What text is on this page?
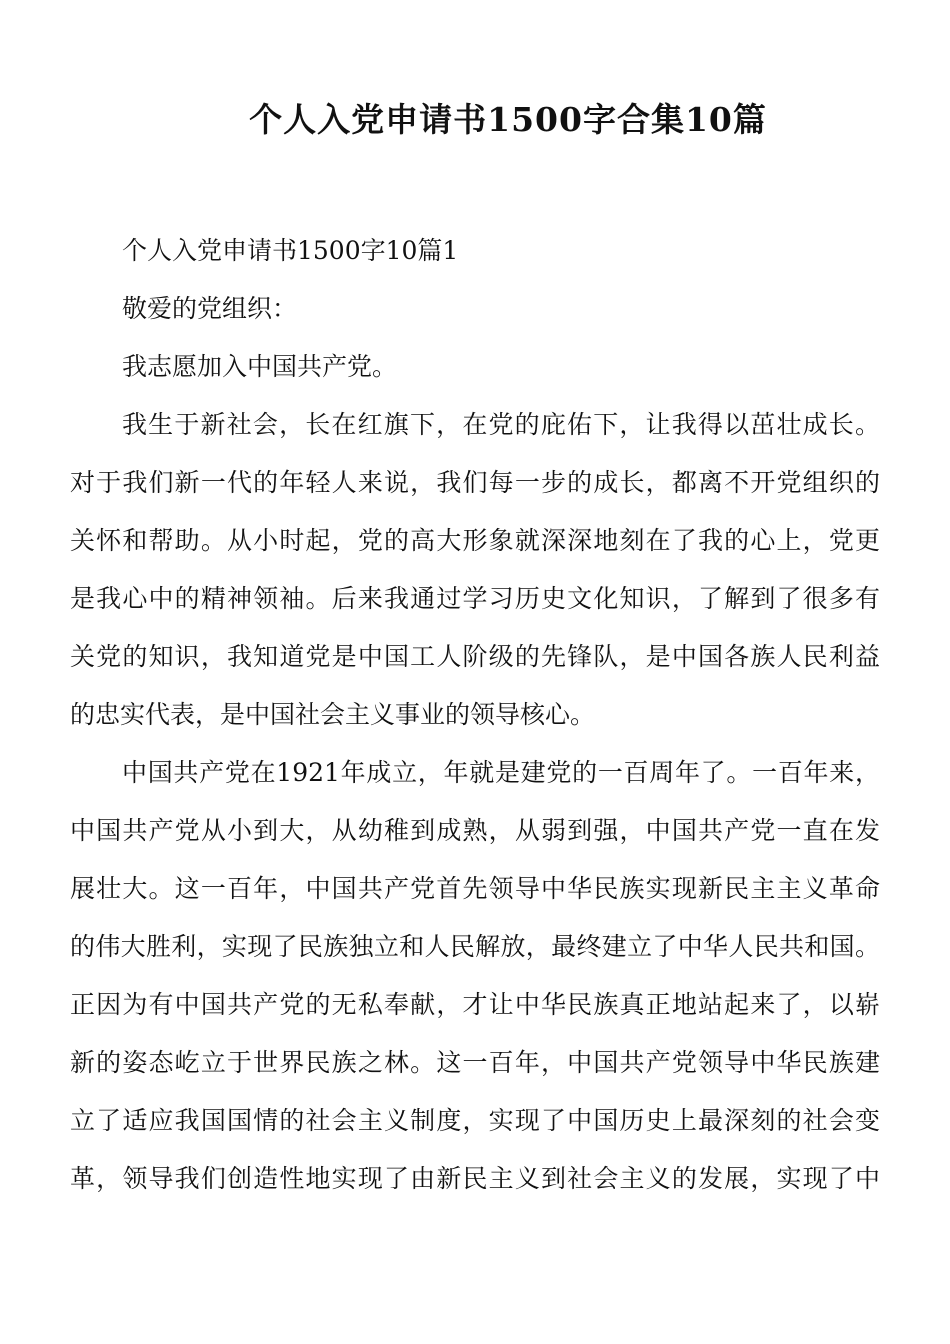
个人入党申请书1500字合集10篇
个人入党申请书1500字10篇1
敬爱的党组织：
我志愿加入中国共产党。
我生于新社会，长在红旗下，在党的庇佑下，让我得以茁壮成长。
对于我们新一代的年轻人来说，我们每一步的成长，都离不开党组织的
关怀和帮助。从小时起，党的高大形象就深深地刻在了我的心上，党更
是我心中的精神领袖。后来我通过学习历史文化知识，了解到了很多有
关党的知识，我知道党是中国工人阶级的先锋队，是中国各族人民利益
的忠实代表，是中国社会主义事业的领导核心。
中国共产党在1921年成立，年就是建党的一百周年了。一百年来，
中国共产党从小到大，从幼稚到成熟，从弱到强，中国共产党一直在发
展壮大。这一百年，中国共产党首先领导中华民族实现新民主主义革命
的伟大胜利，实现了民族独立和人民解放，最终建立了中华人民共和国。
正因为有中国共产党的无私奉献，才让中华民族真正地站起来了，以崭
新的姿态屹立于世界民族之林。这一百年，中国共产党领导中华民族建
立了适应我国国情的社会主义制度，实现了中国历史上最深刻的社会变
革，领导我们创造性地实现了由新民主义到社会主义的发展，实现了中
